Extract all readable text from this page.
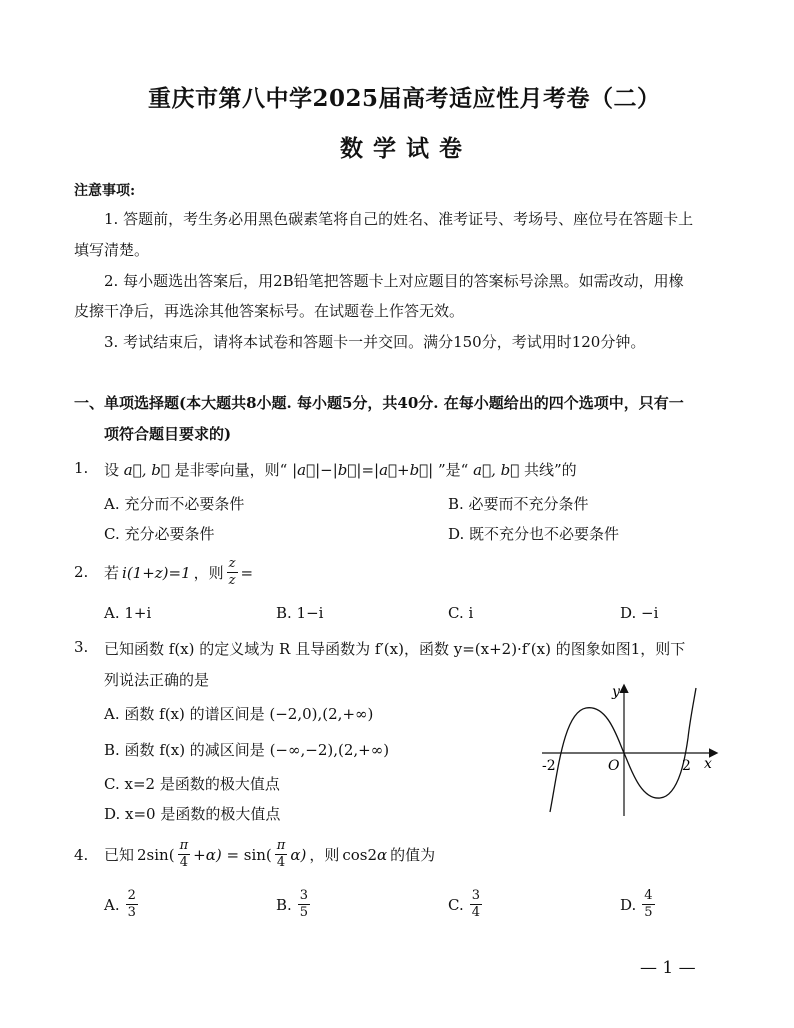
重庆市第八中学2025届高考适应性月考卷（二）
数学试卷
注意事项:
1. 答题前，考生务必用黑色碳素笔将自己的姓名、准考证号、考场号、座位号在答题卡上
填写清楚。
2. 每小题选出答案后，用2B铅笔把答题卡上对应题目的答案标号涂黑。如需改动，用橡
皮擦干净后，再选涂其他答案标号。在试题卷上作答无效。
3. 考试结束后，请将本试卷和答题卡一并交回。满分150分，考试用时120分钟。
一、单项选择题(本大题共8小题. 每小题5分，共40分. 在每小题给出的四个选项中，只有一
项符合题目要求的)
1. 设 a⃗, b⃗ 是非零向量，则“ |a⃗|−|b⃗|=|a⃗+b⃗| ”是“ a⃗, b⃗ 共线”的
A. 充分而不必要条件	B. 必要而不充分条件
C. 充分必要条件	D. 既不充分也不必要条件
2. 若 i(1+z)=1 ，则 $\frac{z}{z}$ =
A. 1+i	B. 1−i	C. i	D. −i
3. 已知函数 f(x) 的定义域为 R 且导函数为 f′(x)，函数 y=(x+2)·f′(x) 的图象如图1，则下
列说法正确的是
A. 函数 f(x) 的谱区间是 (−2,0),(2,+∞)
B. 函数 f(x) 的减区间是 (−∞,−2),(2,+∞)
C. x=2 是函数的极大值点
D. x=0 是函数的极大值点
y
x
O
-2	2
4. 已知 $2\sin( \frac{\pi}{4} +\alpha) = \sin( \frac{\pi}{4} \alpha)$ ，则 cos2α 的值为
A. $\frac{2}{3}$	B. $\frac{3}{5}$	C. $\frac{3}{4}$	D. $\frac{4}{5}$
— 1 —
